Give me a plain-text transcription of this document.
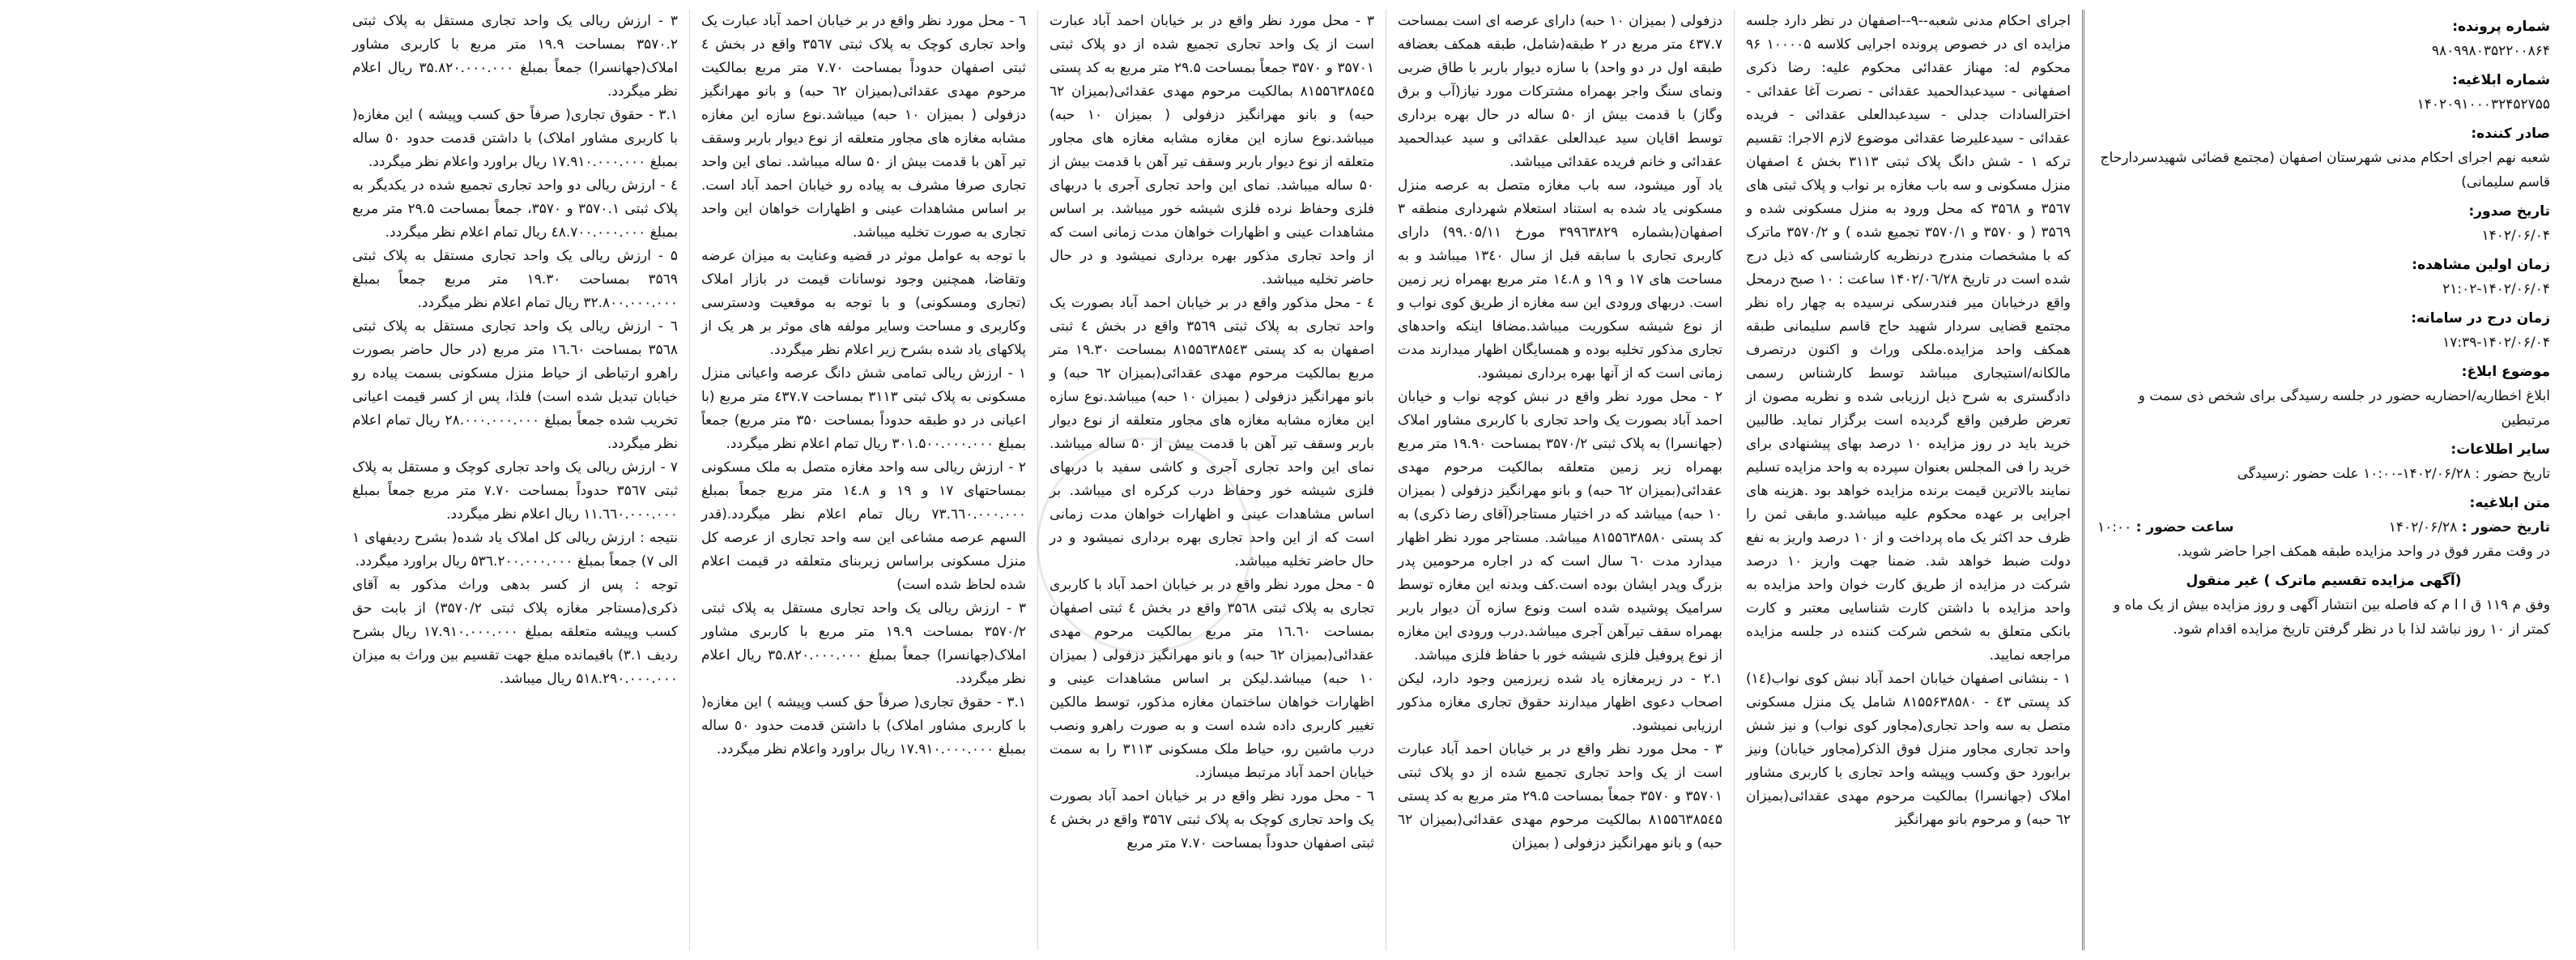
شماره پرونده:
۹۸۰۹۹۸۰۳۵۲۲۰۰۸۶۴
شماره ابلاغیه:
۱۴۰۲۰۹۱۰۰۰۳۲۴۵۲۷۵۵
صادر کننده:
شعبه نهم اجرای احکام مدنی شهرستان اصفهان (مجتمع قضائی شهیدسردارحاج قاسم سلیمانی)
تاریخ صدور:
۱۴۰۲/۰۶/۰۴
زمان اولین مشاهده:
۲۱:۰۲-۱۴۰۲/۰۶/۰۴
زمان درج در سامانه:
۱۷:۳۹-۱۴۰۲/۰۶/۰۴
موضوع ابلاغ:
ابلاغ اخطاریه/احضاریه حضور در جلسه رسیدگی برای شخص ذی سمت و مرتبطین
سایر اطلاعات:
تاریخ حضور : ۱۴۰۲/۰۶/۲۸-۱۰:۰۰ علت حضور :رسیدگی
متن ابلاغیه:
تاریخ حضور : ۱۴۰۲/۰۶/۲۸
ساعت حضور : ۱۰:۰۰
در وقت مقرر فوق در واحد مزایده طبقه همکف اجرا حاضر شوید.
(آگهی مزایده تقسیم ماترک ) غیر منقول
وفق م ۱۱۹ ق ا ا م که فاصله بین انتشار آگهی و روز مزایده بیش از یک ماه و کمتر از ۱۰ روز نباشد لذا با در نظر گرفتن تاریخ مزایده اقدام شود.
اجرای احکام مدنی شعبه--۹--اصفهان در نظر دارد جلسه مزایده ای در خصوص پرونده اجرایی کلاسه ۱۰۰۰۰۵ ۹۶ محکوم له: مهناز عقدائی محکوم علیه: رضا ذکری اصفهانی - سیدعبدالحمید عقدائی - نصرت آغا عقدائی - اخترالسادات جدلی - سیدعبدالعلی عقدائی - فریده عقدائی - سیدعلیرضا عقدائی موضوع لازم الاجرا: تقسیم ترکه ۱ - شش دانگ پلاک ثبتی ۳۱۱۳ بخش ٤ اصفهان منزل مسکونی و سه باب مغازه بر نواب و پلاک ثبتی های ۳۵٦۷ و ۳۵٦۸ که محل ورود به منزل مسکونی شده و ۳۵٦۹ ( و ۳۵۷۰ و ۳۵۷۰/۱ تجمیع شده ) و ۳۵۷۰/۲ ماترک که با مشخصات مندرج درنظریه کارشناسی که ذیل درج شده است در تاریخ ۱۴۰۲/۰٦/۲۸ ساعت : ۱۰ صبح درمحل واقع درخیابان میر فندرسکی نرسیده به چهار راه نظر مجتمع قضایی سردار شهید حاج قاسم سلیمانی طبقه همکف واحد مزایده.ملکی وراث و اکنون درتصرف مالکانه/استیجاری میباشد توسط کارشناس رسمی دادگستری به شرح ذیل ارزیابی شده و نظریه مصون از تعرض طرفین واقع گردیده است برگزار نماید. طالبین خرید باید در روز مزایده ۱۰ درصد بهای پیشنهادی برای خرید را فی المجلس بعنوان سپرده به واحد مزایده تسلیم نمایند بالاترین قیمت برنده مزایده خواهد بود .هزینه های اجرایی بر عهده محکوم علیه میباشد.و مابقی ثمن را ظرف حد اکثر یک ماه پرداخت و از ۱۰ درصد واریز به نفع دولت ضبط خواهد شد. ضمنا جهت واریز ۱۰ درصد شرکت در مزایده از طریق کارت خوان واحد مزایده به واحد مزایده با داشتن کارت شناسایی معتبر و کارت بانکی متعلق به شخص شرکت کننده در جلسه مزایده مراجعه نمایید.
۱ - بنشانی اصفهان خیابان احمد آباد نبش کوی نواب(۱٤) کد پستی ٤۳ - ۸۱۵۵۶۳۸۵۸۰ شامل یک منزل مسکونی متصل به سه واحد تجاری(مجاور کوی نواب) و نیز شش واحد تجاری مجاور منزل فوق الذکر(مجاور خیابان) ونیز برابورد حق وکسب وپیشه واحد تجاری با کاربری مشاور املاک (جهانسرا) بمالکیت مرحوم مهدی عقدائی(بمیزان ٦۲ حبه) و مرحوم بانو مهرانگیز
دزفولی ( بمیزان ۱۰ حبه) دارای عرصه ای است بمساحت ٤۳۷.۷ متر مربع در ۲ طبقه(شامل، طبقه همکف بعضافه طبقه اول در دو واحد) با سازه دیوار باربر با طاق ضربی ونمای سنگ واجر بهمراه مشترکات مورد نیاز(آب و برق وگاز) با قدمت بیش از ۵۰ ساله در حال بهره برداری توسط اقایان سید عبدالعلی عقدائی و سید عبدالحمید عقدائی و خانم فریده عقدائی میباشد.
یاد آور میشود، سه باب مغازه متصل به عرصه منزل مسکونی یاد شده به استناد استعلام شهرداری منطقه ۳ اصفهان(بشماره ۳۹۹٦۳۸۲۹ مورخ ۹۹.۰۵/۱۱) دارای کاربری تجاری با سابقه قبل از سال ۱۳٤۰ میباشد و به مساحت های ۱۷ و ۱۹ و ۱٤.۸ متر مربع بهمراه زیر زمین است. دربهای ورودی این سه مغازه از طریق کوی نواب و از نوع شیشه سکوریت میباشد.مضافا اینکه واحدهای تجاری مذکور تخلیه بوده و همسایگان اظهار میدارند مدت زمانی است که از آنها بهره برداری نمیشود.
۲ - محل مورد نظر واقع در نبش کوچه نواب و خیابان احمد آباد بصورت یک واحد تجاری با کاربری مشاور املاک (جهانسرا) به پلاک ثبتی ۳۵۷۰/۲ بمساحت ۱۹.۹۰ متر مربع بهمراه زیر زمین متعلقه بمالکیت مرحوم مهدی عقدائی(بمیزان ٦۲ حبه) و بانو مهرانگیز دزفولی ( بمیزان ۱۰ حبه) میباشد که در اختیار مستاجر(آقای رضا ذکری) به کد پستی ۸۱۵۵٦۳۸۵۸۰ میباشد. مستاجر مورد نظر اظهار میدارد مدت ٦۰ سال است که در اجاره مرحومین پدر بزرگ وپدر ایشان بوده است.کف وبدنه این مغازه توسط سرامیک پوشیده شده است ونوع سازه آن دیوار باربر بهمراه سقف تیرآهن آجری میباشد.درب ورودی این مغازه از نوع پروفیل فلزی شیشه خور با حفاظ فلزی میباشد.
۲.۱ - در زیرمغازه یاد شده زیرزمین وجود دارد، لیکن اصحاب دعوی اظهار میدارند حقوق تجاری مغازه مذکور ارزیابی نمیشود.
۳ - محل مورد نظر واقع در بر خیابان احمد آباد عبارت است از یک واحد تجاری تجمیع شده از دو پلاک ثبتی ۳۵۷۰۱ و ۳۵۷۰ جمعاً بمساحت ۲۹.۵ متر مربع به کد پستی ۸۱۵۵٦۳۸۵٤۵ بمالکیت مرحوم مهدی عقدائی(بمیزان ٦۲ حبه) و بانو مهرانگیز دزفولی ( بمیزان
۳ - محل مورد نظر واقع در بر خیابان احمد آباد عبارت است از یک واحد تجاری تجمیع شده از دو پلاک ثبتی ۳۵۷۰۱ و ۳۵۷۰ جمعاً بمساحت ۲۹.۵ متر مربع به کد پستی ۸۱۵۵٦۳۸۵٤۵ بمالکیت مرحوم مهدی عقدائی(بمیزان ٦۲ حبه) و بانو مهرانگیز دزفولی ( بمیزان ۱۰ حبه) میباشد.نوع سازه این مغازه مشابه مغازه های مجاور متعلقه از نوع دیوار باربر وسقف تیر آهن با قدمت بیش از ۵۰ ساله میباشد. نمای این واحد تجاری آجری با دربهای فلزی وحفاظ نرده فلزی شیشه خور میباشد. بر اساس مشاهدات عینی و اظهارات خواهان مدت زمانی است که از واحد تجاری مذکور بهره برداری نمیشود و در حال حاضر تخلیه میباشد.
٤ - محل مذکور واقع در بر خیابان احمد آباد بصورت یک واحد تجاری به پلاک ثبتی ۳۵٦۹ واقع در بخش ٤ ثبتی اصفهان به کد پستی ۸۱۵۵٦۳۸۵٤۳ بمساحت ۱۹.۳۰ متر مربع بمالکیت مرحوم مهدی عقدائی(بمیزان ٦۲ حبه) و بانو مهرانگیز دزفولی ( بمیزان ۱۰ حبه) میباشد.نوع سازه این مغازه مشابه مغازه های مجاور متعلقه از نوع دیوار باربر وسقف تیر آهن با قدمت بیش از ۵۰ ساله میباشد. نمای این واحد تجاری آجری و کاشی سفید با دربهای فلزی شیشه خور وحفاظ درب کرکره ای میباشد. بر اساس مشاهدات عینی و اظهارات خواهان مدت زمانی است که از این واحد تجاری بهره برداری نمیشود و در حال حاضر تخلیه میباشد.
۵ - محل مورد نظر واقع در بر خیابان احمد آباد با کاربری تجاری به پلاک ثبتی ۳۵٦۸ واقع در بخش ٤ ثبتی اصفهان بمساحت ۱٦.٦۰ متر مربع بمالکیت مرحوم مهدی عقدائی(بمیزان ٦۲ حبه) و بانو مهرانگیز دزفولی ( بمیزان ۱۰ حبه) میباشد.لیکن بر اساس مشاهدات عینی و اظهارات خواهان ساختمان مغازه مذکور، توسط مالکین تغییر کاربری داده شده است و به صورت راهرو ونصب درب ماشین رو، حیاط ملک مسکونی ۳۱۱۳ را به سمت خیابان احمد آباد مرتبط میسازد.
٦ - محل مورد نظر واقع در بر خیابان احمد آباد بصورت یک واحد تجاری کوچک به پلاک ثبتی ۳۵٦۷ واقع در بخش ٤ ثبتی اصفهان حدوداً بمساحت ۷.۷۰ متر مربع
٦ - محل مورد نظر واقع در بر خیابان احمد آباد عبارت یک واحد تجاری کوچک به پلاک ثبتی ۳۵٦۷ واقع در بخش ٤ ثبتی اصفهان حدوداً بمساحت ۷.۷۰ متر مربع بمالکیت مرحوم مهدی عقدائی(بمیزان ٦۲ حبه) و بانو مهرانگیز دزفولی ( بمیزان ۱۰ حبه) میباشد.نوع سازه این مغازه مشابه مغازه های مجاور متعلقه از نوع دیوار باربر وسقف تیر آهن با قدمت بیش از ۵۰ ساله میباشد. نمای این واحد تجاری صرفا مشرف به پیاده رو خیابان احمد آباد است. بر اساس مشاهدات عینی و اظهارات خواهان این واحد تجاری به صورت تخلیه میباشد.
با توجه به عوامل موثر در قضیه وعنایت به میزان عرضه وتقاضا، همچنین وجود نوسانات قیمت در بازار املاک (تجاری ومسکونی) و با توجه به موقعیت ودسترسی وکاربری و مساحت وسایر مولفه های موثر بر هر یک از پلاکهای یاد شده بشرح زیر اعلام نظر میگردد.
۱ - ارزش ریالی تمامی شش دانگ عرصه واعیانی منزل مسکونی به پلاک ثبتی ۳۱۱۳ بمساحت ٤۳۷.۷ متر مربع (با اعیانی در دو طبقه حدوداً بمساحت ۳۵۰ متر مربع) جمعاً بمبلغ ۳۰۱.۵۰۰.۰۰۰.۰۰۰ ریال تمام اعلام نظر میگردد.
۲ - ارزش ریالی سه واحد مغازه متصل به ملک مسکونی بمساحتهای ۱۷ و ۱۹ و ۱٤.۸ متر مربع جمعاً بمبلغ ۷۳.٦٦۰.۰۰۰.۰۰۰ ریال تمام اعلام نظر میگردد.(قدر السهم عرصه مشاعی این سه واحد تجاری از عرصه کل منزل مسکونی براساس زیربنای متعلقه در قیمت اعلام شده لحاظ شده است)
۳ - ارزش ریالی یک واحد تجاری مستقل به پلاک ثبتی ۳۵۷۰/۲ بمساحت ۱۹.۹ متر مربع با کاربری مشاور املاک(جهانسرا) جمعاً بمبلغ ۳۵.۸۲۰.۰۰۰.۰۰۰ ریال اعلام نظر میگردد.
۳.۱ - حقوق تجاری( صرفاً حق کسب وپیشه ) این مغازه( با کاربری مشاور املاک) با داشتن قدمت حدود ٥۰ ساله بمبلغ ۱۷.۹۱۰.۰۰۰.۰۰۰ ریال براورد واعلام نظر میگردد.
۳ - ارزش ریالی یک واحد تجاری مستقل به پلاک ثبتی ۳۵۷۰.۲ بمساحت ۱۹.۹ متر مربع با کاربری مشاور املاک(جهانسرا) جمعاً بمبلغ ۳۵.۸۲۰.۰۰۰.۰۰۰ ریال اعلام نظر میگردد.
۳.۱ - حقوق تجاری( صرفاً حق کسب وپیشه ) این مغازه( با کاربری مشاور املاک) با داشتن قدمت حدود ٥۰ ساله بمبلغ ۱۷.۹۱۰.۰۰۰.۰۰۰ ریال براورد واعلام نظر میگردد.
٤ - ارزش ریالی دو واحد تجاری تجمیع شده در یکدیگر به پلاک ثبتی ۳۵۷۰.۱ و ۳۵۷۰، جمعاً بمساحت ۲۹.۵ متر مربع بمبلغ ٤۸.۷۰۰.۰۰۰.۰۰۰ ریال تمام اعلام نظر میگردد.
۵ - ارزش ریالی یک واحد تجاری مستقل به پلاک ثبتی ۳۵٦۹ بمساحت ۱۹.۳۰ متر مربع جمعاً بمبلغ ۳۲.۸۰۰.۰۰۰.۰۰۰ ریال تمام اعلام نظر میگردد.
٦ - ارزش ریالی یک واحد تجاری مستقل به پلاک ثبتی ۳۵٦۸ بمساحت ۱٦.٦۰ متر مربع (در حال حاضر بصورت راهرو ارتباطی از حیاط منزل مسکونی بسمت پیاده رو خیابان تبدیل شده است) فلذا، پس از کسر قیمت اعیانی تخریب شده جمعاً بمبلغ ۲۸.۰۰۰.۰۰۰.۰۰۰ ریال تمام اعلام نظر میگردد.
۷ - ارزش ریالی یک واحد تجاری کوچک و مستقل به پلاک ثبتی ۳۵٦۷ حدوداً بمساحت ۷.۷۰ متر مربع جمعاً بمبلغ ۱۱.٦٦۰.۰۰۰.۰۰۰ ریال اعلام نظر میگردد.
نتیجه : ارزش ریالی کل املاک یاد شده( بشرح ردیفهای ۱ الی ۷) جمعاً بمبلغ ۵۳٦.۲۰۰.۰۰۰.۰۰۰ ریال براورد میگردد.
توجه : پس از کسر بدهی وراث مذکور به آقای ذکری(مستاجر مغازه پلاک ثبتی ۳۵۷۰/۲) از بابت حق کسب وپیشه متعلقه بمبلغ ۱۷.۹۱۰.۰۰۰.۰۰۰ ریال بشرح ردیف ۳.۱) باقیمانده مبلغ جهت تقسیم بین وراث به میزان ۵۱۸.۲۹۰.۰۰۰.۰۰۰ ریال میباشد.
